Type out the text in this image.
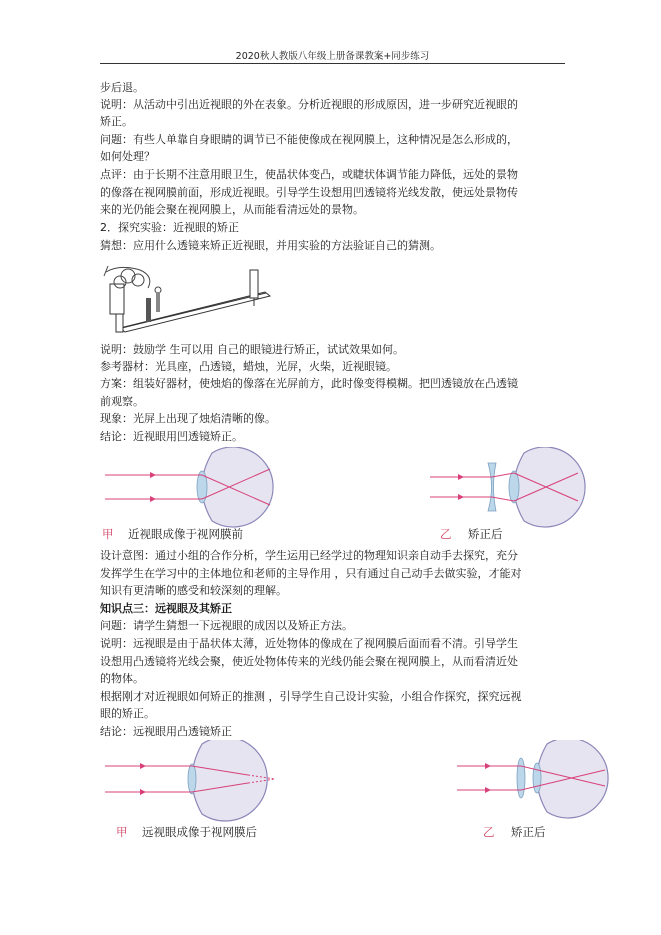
2020秋人教版八年级上册备课教案+同步练习
步后退。
说明：从活动中引出近视眼的外在表象。分析近视眼的形成原因，进一步研究近视眼的
矫正。
问题：有些人单靠自身眼睛的调节已不能使像成在视网膜上，这种情况是怎么形成的，
如何处理？
点评：由于长期不注意用眼卫生，使晶状体变凸，或睫状体调节能力降低，远处的景物
的像落在视网膜前面，形成近视眼。引导学生设想用凹透镜将光线发散，使远处景物传
来的光仍能会聚在视网膜上，从而能看清远处的景物。
2．探究实验：近视眼的矫正
猜想：应用什么透镜来矫正近视眼，并用实验的方法验证自己的猜测。
说明：鼓励学 生可以用 自己的眼镜进行矫正，试试效果如何。
参考器材：光具座，凸透镜，蜡烛，光屏，火柴，近视眼镜。
方案：组装好器材，使烛焰的像落在光屏前方，此时像变得模糊。把凹透镜放在凸透镜
前观察。
现象：光屏上出现了烛焰清晰的像。
结论：近视眼用凹透镜矫正。
甲 近视眼成像于视网膜前	乙 矫正后
设计意图：通过小组的合作分析，学生运用已经学过的物理知识亲自动手去探究，充分
发挥学生在学习中的主体地位和老师的主导作用 ，只有通过自己动手去做实验，才能对
知识有更清晰的感受和较深刻的理解。
知识点三：远视眼及其矫正
问题：请学生猜想一下远视眼的成因以及矫正方法。
说明：远视眼是由于晶状体太薄，近处物体的像成在了视网膜后面而看不清。引导学生
设想用凸透镜将光线会聚，使近处物体传来的光线仍能会聚在视网膜上，从而看清近处
的物体。
根据刚才对近视眼如何矫正的推测 ，引导学生自己设计实验，小组合作探究，探究远视
眼的矫正。
结论：远视眼用凸透镜矫正
甲 远视眼成像于视网膜后	乙 矫正后
